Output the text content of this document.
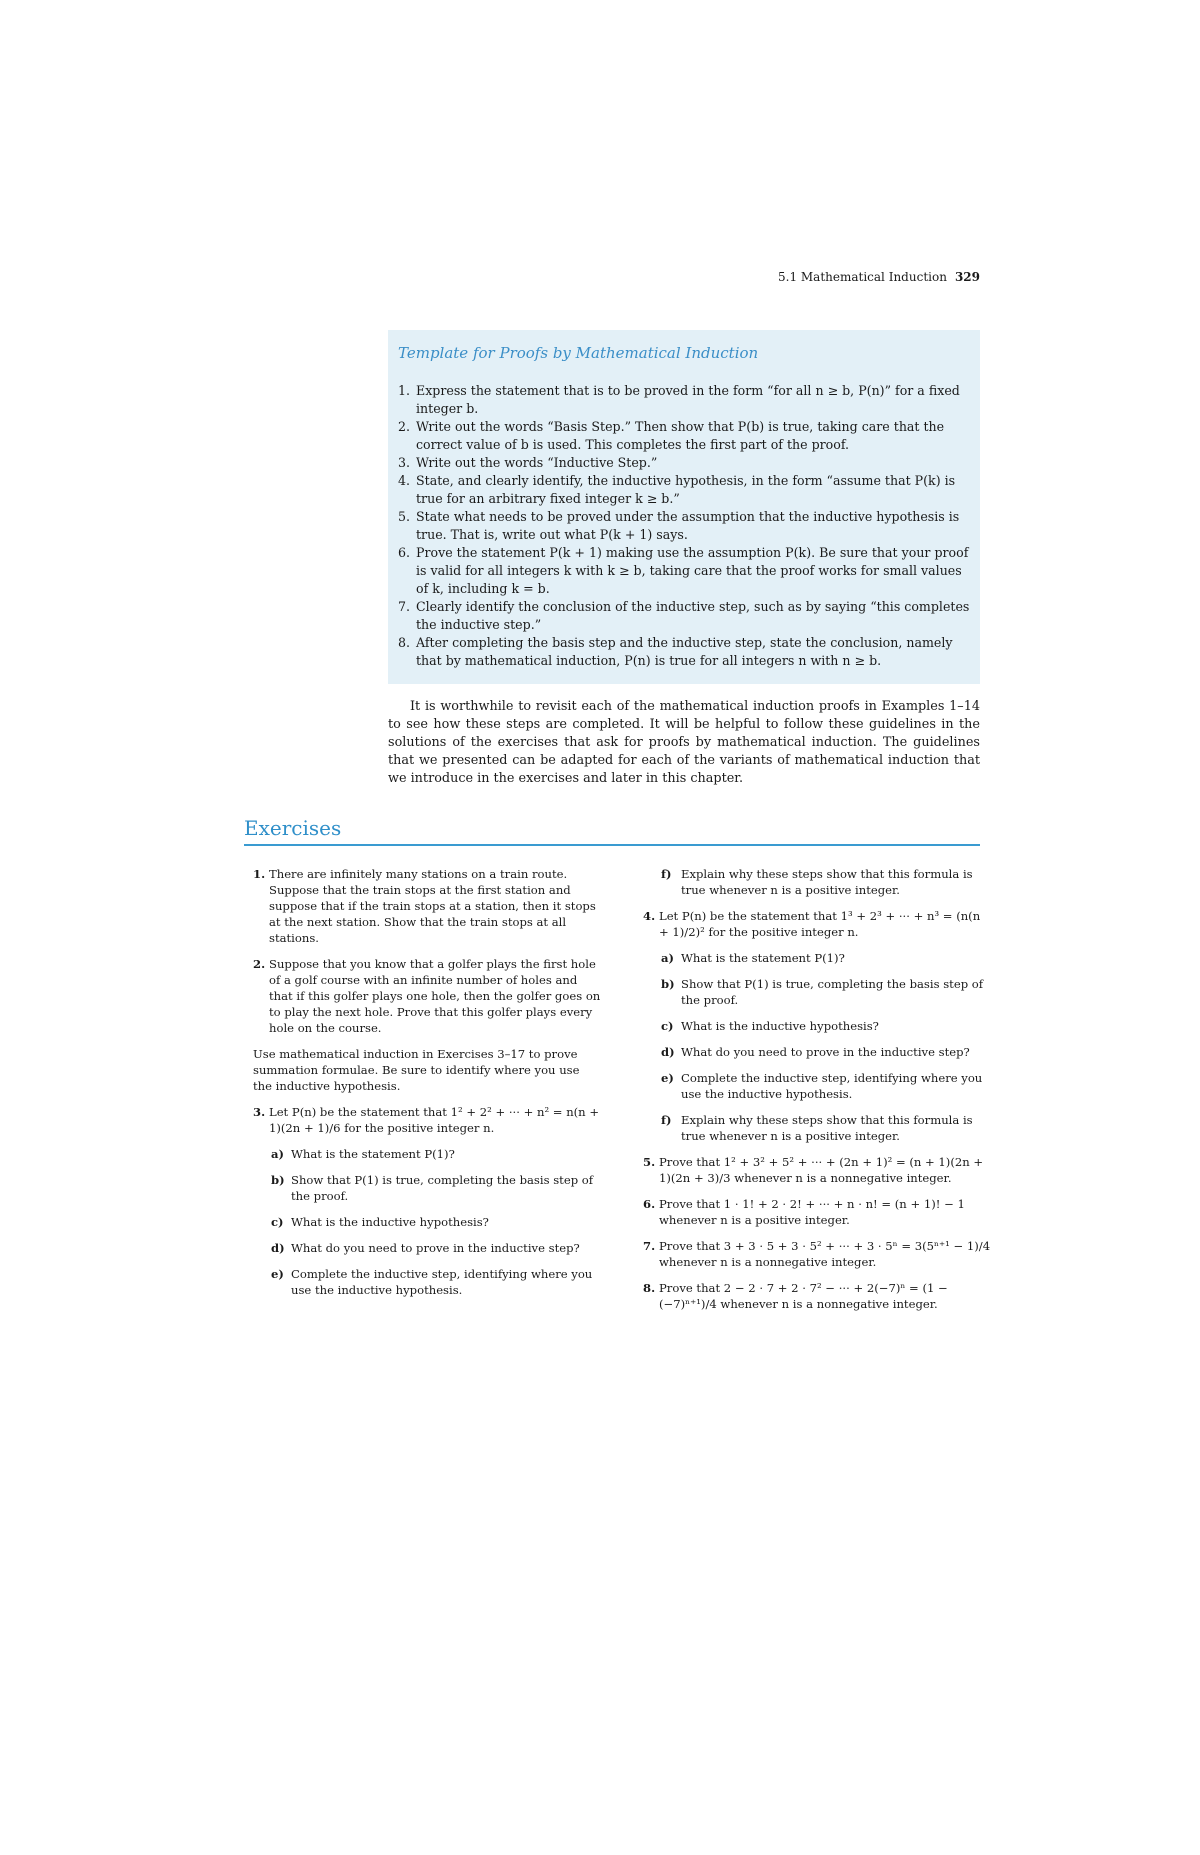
5.1 Mathematical Induction 329

Template for Proofs by Mathematical Induction

1. Express the statement that is to be proved in the form “for all n ≥ b, P(n)” for a fixed integer b.
2. Write out the words “Basis Step.” Then show that P(b) is true, taking care that the correct value of b is used. This completes the first part of the proof.
3. Write out the words “Inductive Step.”
4. State, and clearly identify, the inductive hypothesis, in the form “assume that P(k) is true for an arbitrary fixed integer k ≥ b.”
5. State what needs to be proved under the assumption that the inductive hypothesis is true. That is, write out what P(k + 1) says.
6. Prove the statement P(k + 1) making use the assumption P(k). Be sure that your proof is valid for all integers k with k ≥ b, taking care that the proof works for small values of k, including k = b.
7. Clearly identify the conclusion of the inductive step, such as by saying “this completes the inductive step.”
8. After completing the basis step and the inductive step, state the conclusion, namely that by mathematical induction, P(n) is true for all integers n with n ≥ b.

It is worthwhile to revisit each of the mathematical induction proofs in Examples 1–14 to see how these steps are completed. It will be helpful to follow these guidelines in the solutions of the exercises that ask for proofs by mathematical induction. The guidelines that we presented can be adapted for each of the variants of mathematical induction that we introduce in the exercises and later in this chapter.

Exercises
1. There are infinitely many stations on a train route. Suppose that the train stops at the first station and suppose that if the train stops at a station, then it stops at the next station. Show that the train stops at all stations.
2. Suppose that you know that a golfer plays the first hole of a golf course with an infinite number of holes and that if this golfer plays one hole, then the golfer goes on to play the next hole. Prove that this golfer plays every hole on the course.

Use mathematical induction in Exercises 3–17 to prove summation formulae. Be sure to identify where you use the inductive hypothesis.

3. Let P(n) be the statement that 1² + 2² + ··· + n² = n(n + 1)(2n + 1)/6 for the positive integer n.
a) What is the statement P(1)?
b) Show that P(1) is true, completing the basis step of the proof.
c) What is the inductive hypothesis?
d) What do you need to prove in the inductive step?
e) Complete the inductive step, identifying where you use the inductive hypothesis.
f) Explain why these steps show that this formula is true whenever n is a positive integer.
4. Let P(n) be the statement that 1³ + 2³ + ··· + n³ = (n(n + 1)/2)² for the positive integer n.
a) What is the statement P(1)?
b) Show that P(1) is true, completing the basis step of the proof.
c) What is the inductive hypothesis?
d) What do you need to prove in the inductive step?
e) Complete the inductive step, identifying where you use the inductive hypothesis.
f) Explain why these steps show that this formula is true whenever n is a positive integer.
5. Prove that 1² + 3² + 5² + ··· + (2n + 1)² = (n + 1)(2n + 1)(2n + 3)/3 whenever n is a nonnegative integer.
6. Prove that 1 · 1! + 2 · 2! + ··· + n · n! = (n + 1)! − 1 whenever n is a positive integer.
7. Prove that 3 + 3 · 5 + 3 · 5² + ··· + 3 · 5ⁿ = 3(5ⁿ⁺¹ − 1)/4 whenever n is a nonnegative integer.
8. Prove that 2 − 2 · 7 + 2 · 7² − ··· + 2(−7)ⁿ = (1 − (−7)ⁿ⁺¹)/4 whenever n is a nonnegative integer.
